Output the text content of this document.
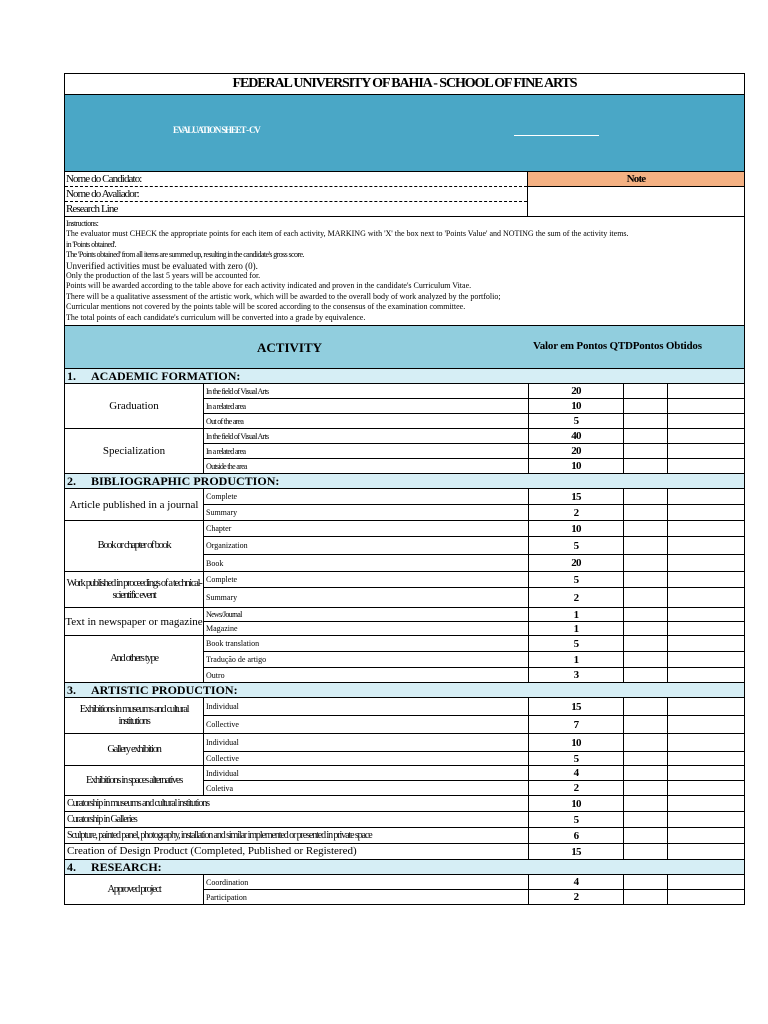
FEDERAL UNIVERSITY OF BAHIA - SCHOOL OF FINE ARTS
EVALUATION SHEET - CV
Nome do Candidato:
Nome do Avaliador:
Research Line
Note
Instructions:
The evaluator must CHECK the appropriate points for each item of each activity, MARKING with 'X' the box next to 'Points Value' and NOTING the sum of the activity items.
in 'Points obtained'.
The 'Points obtained' from all items are summed up, resulting in the candidate's gross score.
Unverified activities must be evaluated with zero (0).
Only the production of the last 5 years will be accounted for.
Points will be awarded according to the table above for each activity indicated and proven in the candidate's Curriculum Vitae.
There will be a qualitative assessment of the artistic work, which will be awarded to the overall body of work analyzed by the portfolio;
Curricular mentions not covered by the points table will be scored according to the consensus of the examination committee.
The total points of each candidate's curriculum will be converted into a grade by equivalence.
ACTIVITY	Valor em Pontos QTDPontos Obtidos
1. ACADEMIC FORMATION:
Graduation
In the field of Visual Arts	20
In a related area	10
Out of the area	5
Specialization
In the field of Visual Arts	40
In a related area	20
Outside the area	10
2. BIBLIOGRAPHIC PRODUCTION:
Article published in a journal
Complete	15
Summary	2
Book or chapter of book
Chapter	10
Organization	5
Book	20
Work published in proceedings of a technical-scientific event
Complete	5
Summary	2
Text in newspaper or magazine
News/Journal	1
Magazine	1
And others type
Book translation	5
Tradução de artigo	1
Outro	3
3. ARTISTIC PRODUCTION:
Exhibitions in museums and cultural institutions
Individual	15
Collective	7
Gallery exhibition
Individual	10
Collective	5
Exhibitions in spaces alternatives
Individual	4
Coletiva	2
Curatorship in museums and cultural institutions	10
Curatorship in Galleries	5
Sculpture, painted panel, photography, installation and similar implemented or presented in private space	6
Creation of Design Product (Completed, Published or Registered)	15
4. RESEARCH:
Approved project
Coordination	4
Participation	2
